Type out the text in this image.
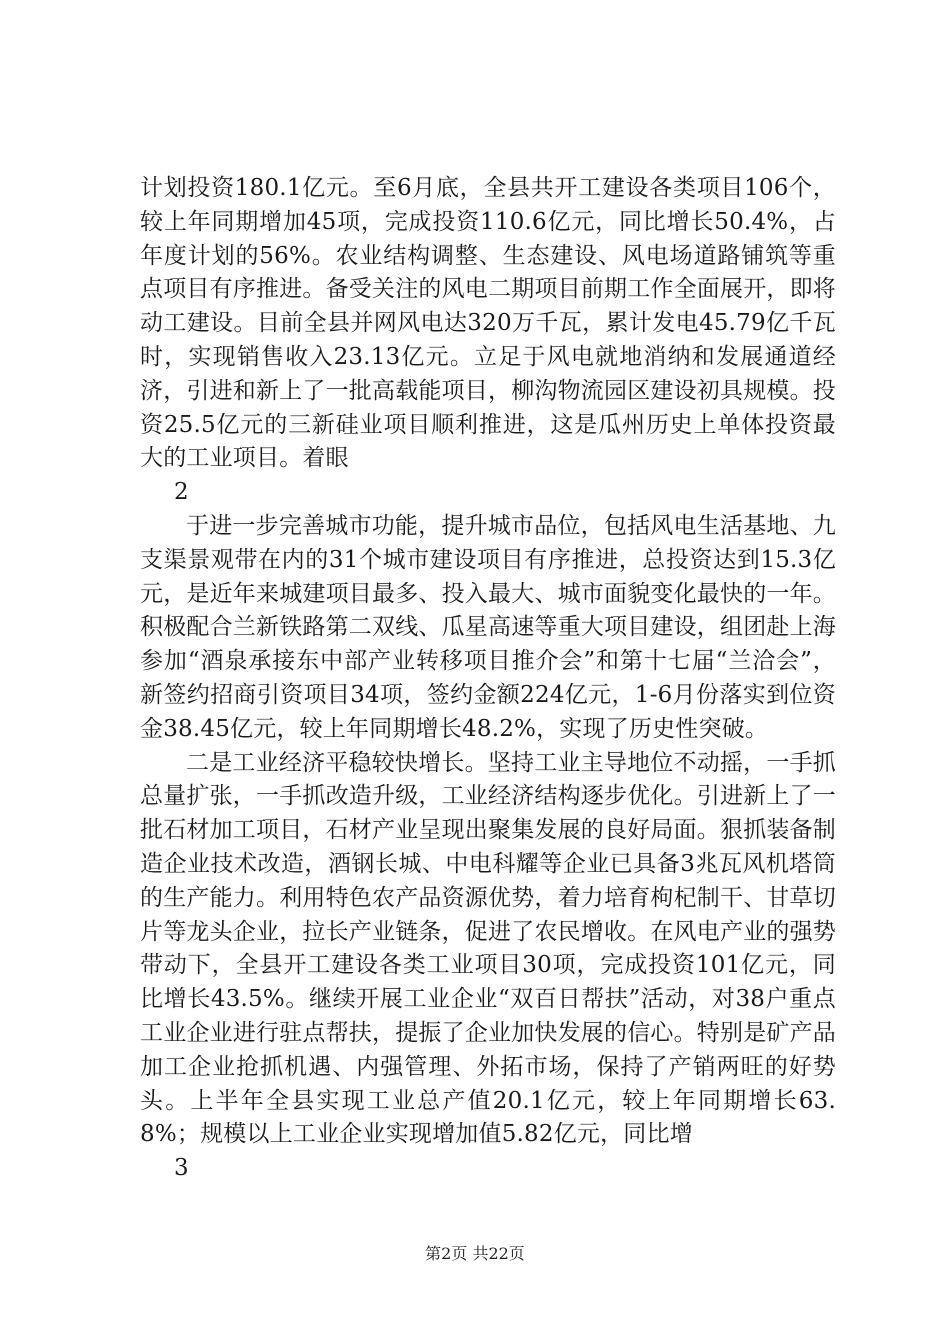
计划投资180.1亿元。至6月底，全县共开工建设各类项目106个，较上年同期增加45项，完成投资110.6亿元，同比增长50.4%，占年度计划的56%。农业结构调整、生态建设、风电场道路铺筑等重点项目有序推进。备受关注的风电二期项目前期工作全面展开，即将动工建设。目前全县并网风电达320万千瓦，累计发电45.79亿千瓦时，实现销售收入23.13亿元。立足于风电就地消纳和发展通道经济，引进和新上了一批高载能项目，柳沟物流园区建设初具规模。投资25.5亿元的三新硅业项目顺利推进，这是瓜州历史上单体投资最大的工业项目。着眼

2

于进一步完善城市功能，提升城市品位，包括风电生活基地、九支渠景观带在内的31个城市建设项目有序推进，总投资达到15.3亿元，是近年来城建项目最多、投入最大、城市面貌变化最快的一年。积极配合兰新铁路第二双线、瓜星高速等重大项目建设，组团赴上海参加“酒泉承接东中部产业转移项目推介会”和第十七届“兰洽会”，新签约招商引资项目34项，签约金额224亿元，1-6月份落实到位资金38.45亿元，较上年同期增长48.2%，实现了历史性突破。

二是工业经济平稳较快增长。坚持工业主导地位不动摇，一手抓总量扩张，一手抓改造升级，工业经济结构逐步优化。引进新上了一批石材加工项目，石材产业呈现出聚集发展的良好局面。狠抓装备制造企业技术改造，酒钢长城、中电科耀等企业已具备3兆瓦风机塔筒的生产能力。利用特色农产品资源优势，着力培育枸杞制干、甘草切片等龙头企业，拉长产业链条，促进了农民增收。在风电产业的强势带动下，全县开工建设各类工业项目30项，完成投资101亿元，同比增长43.5%。继续开展工业企业“双百日帮扶”活动，对38户重点工业企业进行驻点帮扶，提振了企业加快发展的信心。特别是矿产品加工企业抢抓机遇、内强管理、外拓市场，保持了产销两旺的好势头。上半年全县实现工业总产值20.1亿元，较上年同期增长63.8%；规模以上工业企业实现增加值5.82亿元，同比增

3

第2页 共22页
